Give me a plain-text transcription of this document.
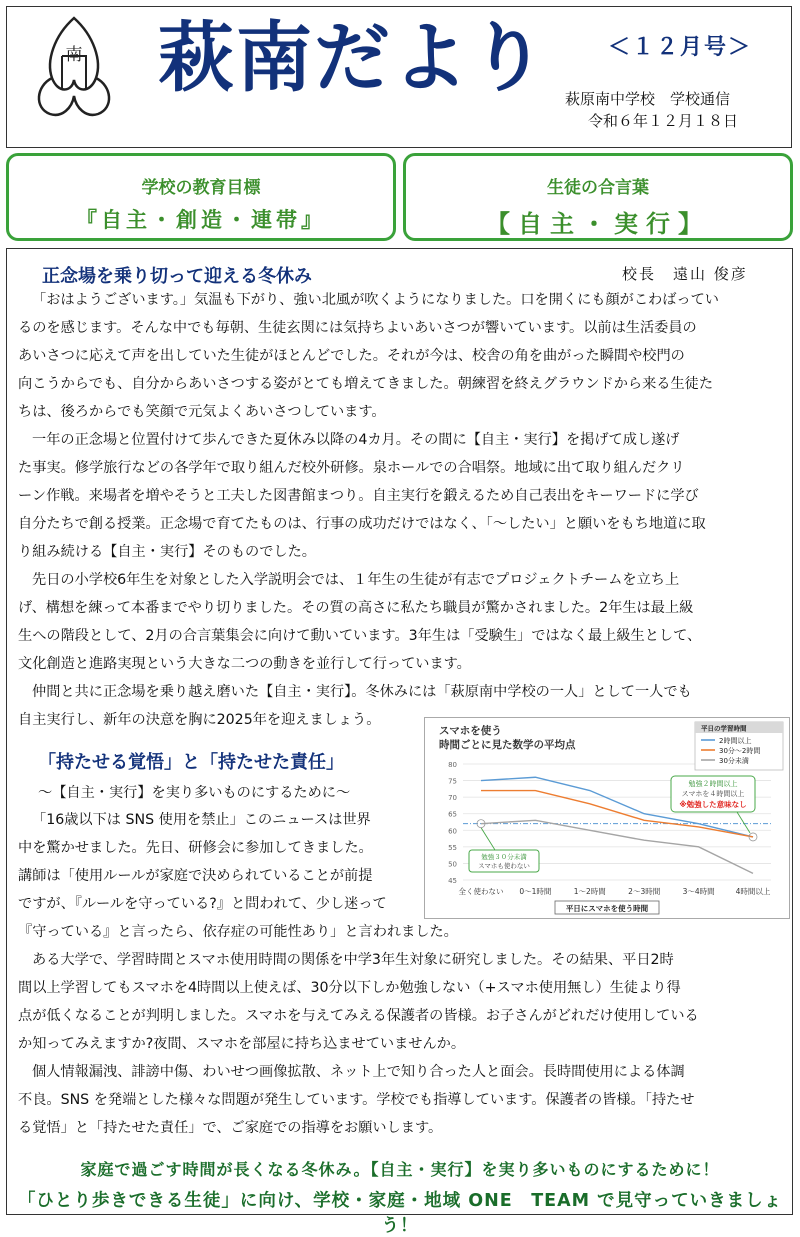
南 萩南だより	＜１２月号＞
萩原南中学校　学校通信
令和６年１２月１８日
学校の教育目標
『自主・創造・連帯』
生徒の合言葉
【自主・実行】
正念場を乗り切って迎える冬休み	校長　遠山 俊彦
「おはようございます。」気温も下がり、強い北風が吹くようになりました。口を開くにも顔がこわばってい
るのを感じます。そんな中でも毎朝、生徒玄関には気持ちよいあいさつが響いています。以前は生活委員の
あいさつに応えて声を出していた生徒がほとんどでした。それが今は、校舎の角を曲がった瞬間や校門の
向こうからでも、自分からあいさつする姿がとても増えてきました。朝練習を終えグラウンドから来る生徒た
ちは、後ろからでも笑顔で元気よくあいさつしています。
一年の正念場と位置付けて歩んできた夏休み以降の4カ月。その間に【自主・実行】を掲げて成し遂げ
た事実。修学旅行などの各学年で取り組んだ校外研修。泉ホールでの合唱祭。地域に出て取り組んだクリ
ーン作戦。来場者を増やそうと工夫した図書館まつり。自主実行を鍛えるため自己表出をキーワードに学び
自分たちで創る授業。正念場で育てたものは、行事の成功だけではなく、「～したい」と願いをもち地道に取
り組み続ける【自主・実行】そのものでした。
先日の小学校6年生を対象とした入学説明会では、１年生の生徒が有志でプロジェクトチームを立ち上
げ、構想を練って本番までやり切りました。その質の高さに私たち職員が驚かされました。2年生は最上級
生への階段として、2月の合言葉集会に向けて動いています。3年生は「受験生」ではなく最上級生として、
文化創造と進路実現という大きな二つの動きを並行して行っています。
仲間と共に正念場を乗り越え磨いた【自主・実行】。冬休みには「萩原南中学校の一人」として一人でも
自主実行し、新年の決意を胸に2025年を迎えましょう。
「持たせる覚悟」と「持たせた責任」
～【自主・実行】を実り多いものにするために～
「16歳以下は SNS 使用を禁止」このニュースは世界
中を驚かせました。先日、研修会に参加してきました。
講師は「使用ルールが家庭で決められていることが前提
ですが、『ルールを守っている?』と問われて、少し迷って
『守っている』と言ったら、依存症の可能性あり」と言われました。
ある大学で、学習時間とスマホ使用時間の関係を中学3年生対象に研究しました。その結果、平日2時
間以上学習してもスマホを4時間以上使えば、30分以下しか勉強しない（+スマホ使用無し）生徒より得
点が低くなることが判明しました。スマホを与えてみえる保護者の皆様。お子さんがどれだけ使用している
か知ってみえますか?夜間、スマホを部屋に持ち込ませていませんか。
個人情報漏洩、誹謗中傷、わいせつ画像拡散、ネット上で知り合った人と面会。長時間使用による体調
不良。SNS を発端とした様々な問題が発生しています。学校でも指導しています。保護者の皆様。「持たせ
る覚悟」と「持たせた責任」で、ご家庭での指導をお願いします。
スマホを使う
時間ごとに見た数学の平均点
45
50
55
60
65
70
75
80
全く使わない 0～1時間	1～2時間	2～3時間	3～4時間	4時間以上
平日にスマホを使う時間
平日の学習時間
2時間以上
30分～2時間
30分未満
勉強２時間以上
スマホを４時間以上
※勉強した意味なし
勉強３０分未満
スマホも使わない
家庭で過ごす時間が長くなる冬休み。【自主・実行】を実り多いものにするために！
「ひとり歩きできる生徒」に向け、学校・家庭・地域 ONE　TEAM で見守っていきましょう！
